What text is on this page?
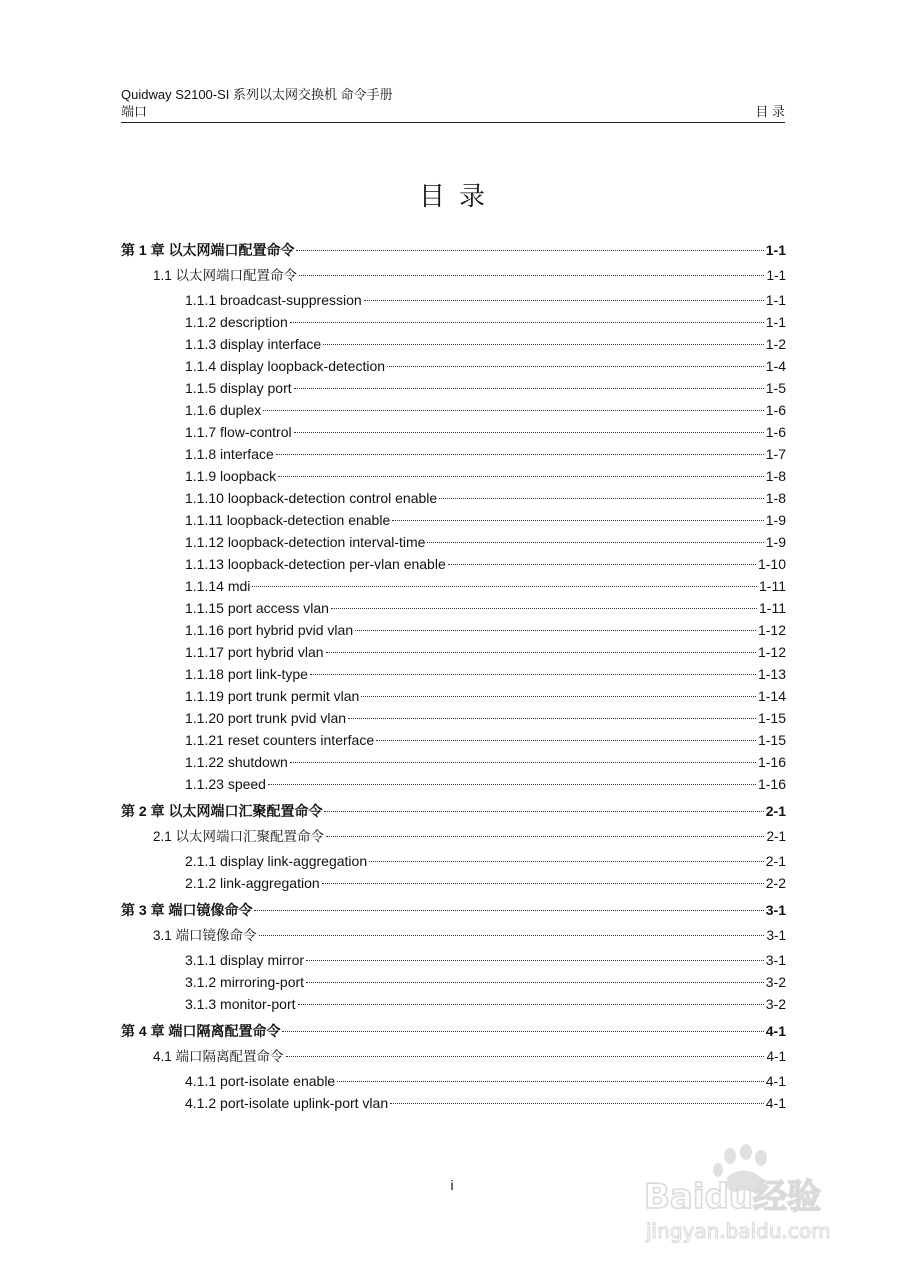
Quidway S2100-SI 系列以太网交换机 命令手册
端口	目 录
目录
第 1 章 以太网端口配置命令	1-1
1.1 以太网端口配置命令	1-1
1.1.1 broadcast-suppression	1-1
1.1.2 description	1-1
1.1.3 display interface	1-2
1.1.4 display loopback-detection	1-4
1.1.5 display port	1-5
1.1.6 duplex	1-6
1.1.7 flow-control	1-6
1.1.8 interface	1-7
1.1.9 loopback	1-8
1.1.10 loopback-detection control enable	1-8
1.1.11 loopback-detection enable	1-9
1.1.12 loopback-detection interval-time	1-9
1.1.13 loopback-detection per-vlan enable	1-10
1.1.14 mdi	1-11
1.1.15 port access vlan	1-11
1.1.16 port hybrid pvid vlan	1-12
1.1.17 port hybrid vlan	1-12
1.1.18 port link-type	1-13
1.1.19 port trunk permit vlan	1-14
1.1.20 port trunk pvid vlan	1-15
1.1.21 reset counters interface	1-15
1.1.22 shutdown	1-16
1.1.23 speed	1-16
第 2 章 以太网端口汇聚配置命令	2-1
2.1 以太网端口汇聚配置命令	2-1
2.1.1 display link-aggregation	2-1
2.1.2 link-aggregation	2-2
第 3 章 端口镜像命令	3-1
3.1 端口镜像命令	3-1
3.1.1 display mirror	3-1
3.1.2 mirroring-port	3-2
3.1.3 monitor-port	3-2
第 4 章 端口隔离配置命令	4-1
4.1 端口隔离配置命令	4-1
4.1.1 port-isolate enable	4-1
4.1.2 port-isolate uplink-port vlan	4-1
i	Baidu经验
jingyan.baidu.com
